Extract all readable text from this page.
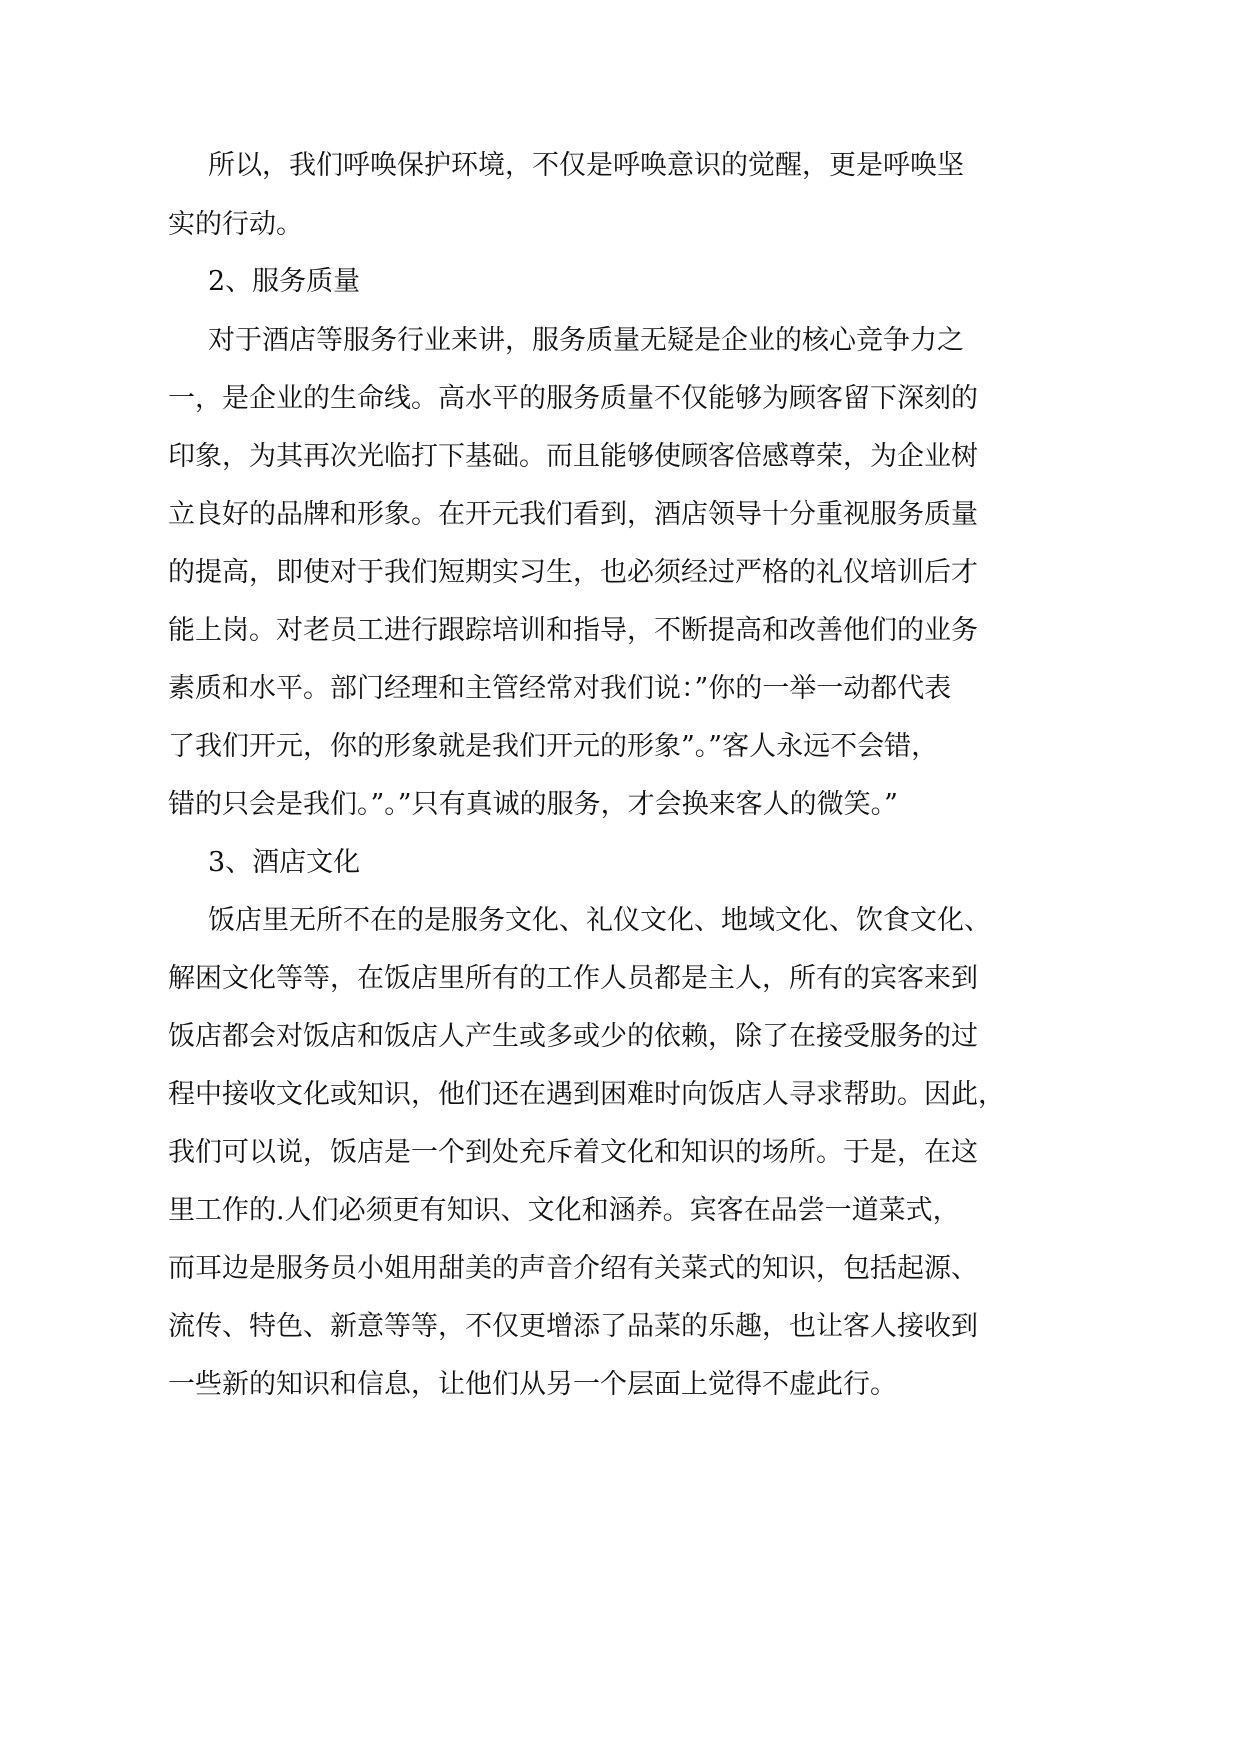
所以，我们呼唤保护环境，不仅是呼唤意识的觉醒，更是呼唤坚

实的行动。

2、服务质量

对于酒店等服务行业来讲，服务质量无疑是企业的核心竞争力之

一，是企业的生命线。高水平的服务质量不仅能够为顾客留下深刻的

印象，为其再次光临打下基础。而且能够使顾客倍感尊荣，为企业树

立良好的品牌和形象。在开元我们看到，酒店领导十分重视服务质量

的提高，即使对于我们短期实习生，也必须经过严格的礼仪培训后才

能上岗。对老员工进行跟踪培训和指导，不断提高和改善他们的业务

素质和水平。部门经理和主管经常对我们说：”你的一举一动都代表

了我们开元，你的形象就是我们开元的形象”。”客人永远不会错，

错的只会是我们。”。”只有真诚的服务，才会换来客人的微笑。”

3、酒店文化

饭店里无所不在的是服务文化、礼仪文化、地域文化、饮食文化、

解困文化等等，在饭店里所有的工作人员都是主人，所有的宾客来到

饭店都会对饭店和饭店人产生或多或少的依赖，除了在接受服务的过

程中接收文化或知识，他们还在遇到困难时向饭店人寻求帮助。因此，

我们可以说，饭店是一个到处充斥着文化和知识的场所。于是，在这

里工作的.人们必须更有知识、文化和涵养。宾客在品尝一道菜式，

而耳边是服务员小姐用甜美的声音介绍有关菜式的知识，包括起源、

流传、特色、新意等等，不仅更增添了品菜的乐趣，也让客人接收到

一些新的知识和信息，让他们从另一个层面上觉得不虚此行。
